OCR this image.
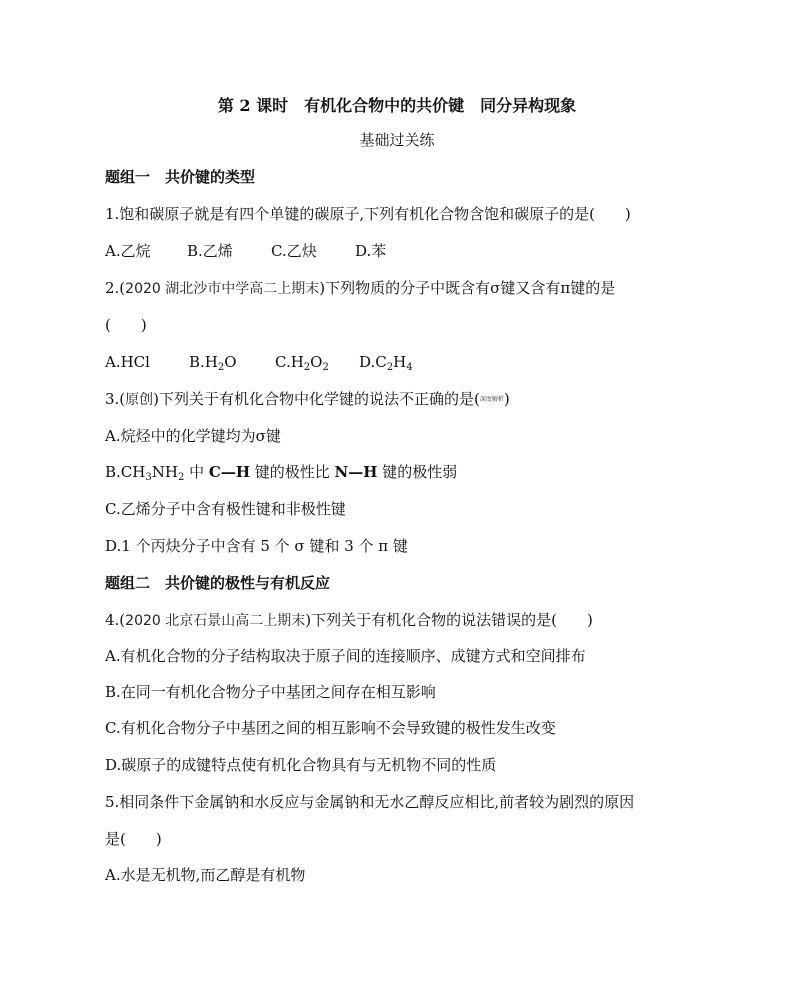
第 2 课时　有机化合物中的共价键　同分异构现象
基础过关练
题组一　共价键的类型
1.饱和碳原子就是有四个单键的碳原子,下列有机化合物含饱和碳原子的是(　　)
A.乙烷 B.乙烯	C.乙炔	D.苯
2.(2020 湖北沙市中学高二上期末)下列物质的分子中既含有σ键又含有π键的是
(　　)
A.HCl	$B.H_2O$	$C.H_2O_2$ $D.C_2H_4$
3.(原创)下列关于有机化合物中化学键的说法不正确的是(深度解析)
A.烷烃中的化学键均为σ键
$B.CH_3NH_2$ 中 C—H 键的极性比 N—H 键的极性弱
C.乙烯分子中含有极性键和非极性键
D.1 个丙炔分子中含有 5 个 σ 键和 3 个 π 键
题组二　共价键的极性与有机反应
4.(2020 北京石景山高二上期末)下列关于有机化合物的说法错误的是(　　)
A.有机化合物的分子结构取决于原子间的连接顺序、成键方式和空间排布
B.在同一有机化合物分子中基团之间存在相互影响
C.有机化合物分子中基团之间的相互影响不会导致键的极性发生改变
D.碳原子的成键特点使有机化合物具有与无机物不同的性质
5.相同条件下金属钠和水反应与金属钠和无水乙醇反应相比,前者较为剧烈的原因
是(　　)
A.水是无机物,而乙醇是有机物
